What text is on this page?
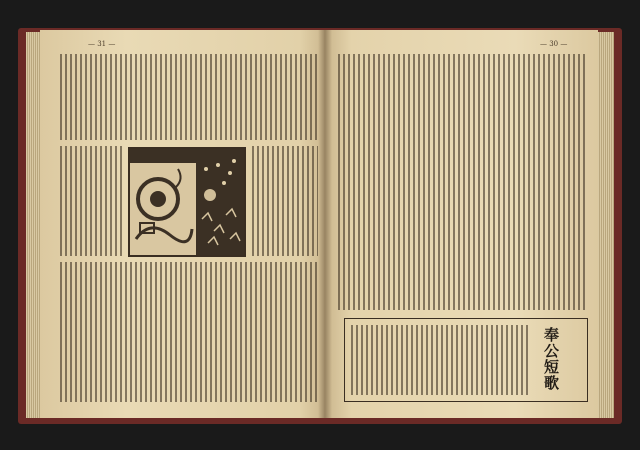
— 31 —	— 30 —
奉公短歌
